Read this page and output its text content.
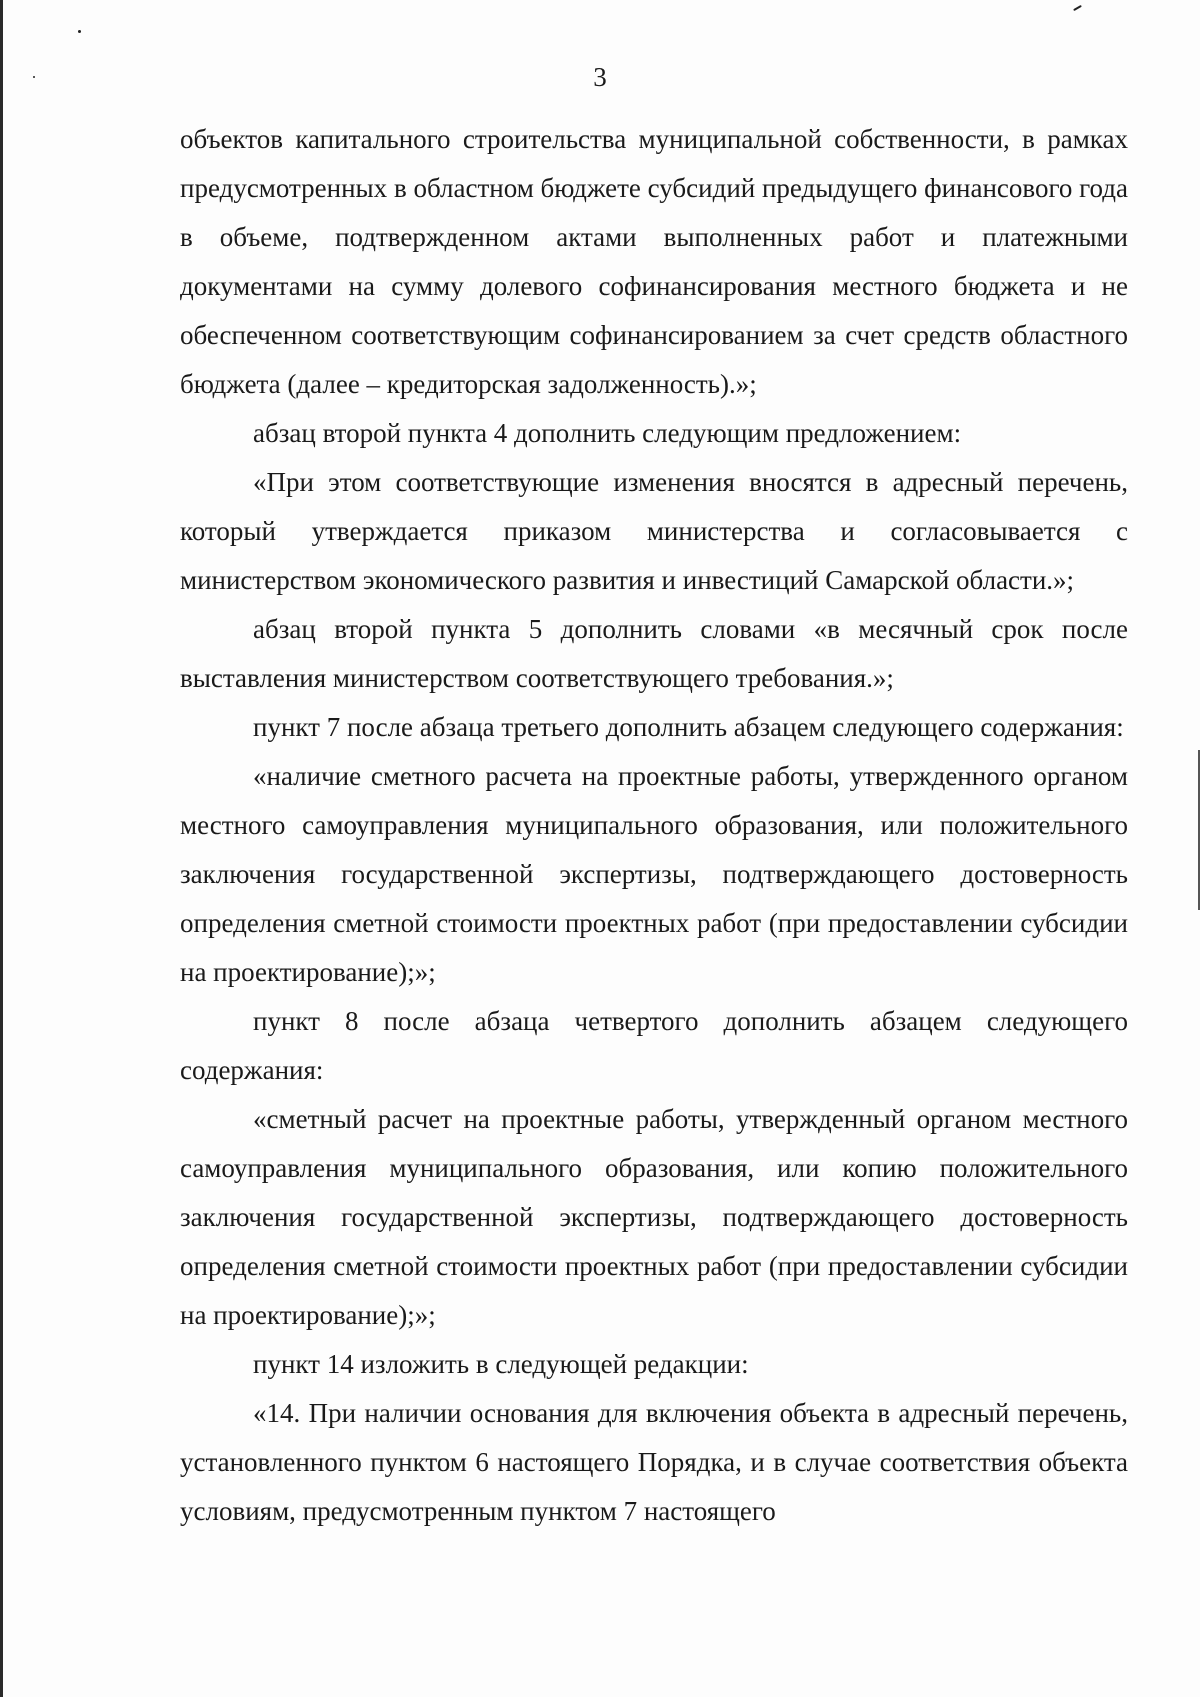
3

объектов капитального строительства муниципальной собственности, в рамках предусмотренных в областном бюджете субсидий предыдущего финансового года в объеме, подтвержденном актами выполненных работ и платежными документами на сумму долевого софинансирования местного бюджета и не обеспеченном соответствующим софинансированием за счет средств областного бюджета (далее – кредиторская задолженность).»;

абзац второй пункта 4 дополнить следующим предложением:

«При этом соответствующие изменения вносятся в адресный перечень, который утверждается приказом министерства и согласовывается с министерством экономического развития и инвестиций Самарской области.»;

абзац второй пункта 5 дополнить словами «в месячный срок после выставления министерством соответствующего требования.»;

пункт 7 после абзаца третьего дополнить абзацем следующего содержания:

«наличие сметного расчета на проектные работы, утвержденного органом местного самоуправления муниципального образования, или положительного заключения государственной экспертизы, подтверждающего достоверность определения сметной стоимости проектных работ (при предоставлении субсидии на проектирование);»;

пункт 8 после абзаца четвертого дополнить абзацем следующего содержания:

«сметный расчет на проектные работы, утвержденный органом местного самоуправления муниципального образования, или копию положительного заключения государственной экспертизы, подтверждающего достоверность определения сметной стоимости проектных работ (при предоставлении субсидии на проектирование);»;

пункт 14 изложить в следующей редакции:

«14. При наличии основания для включения объекта в адресный перечень, установленного пунктом 6 настоящего Порядка, и в случае соответствия объекта условиям, предусмотренным пунктом 7 настоящего
